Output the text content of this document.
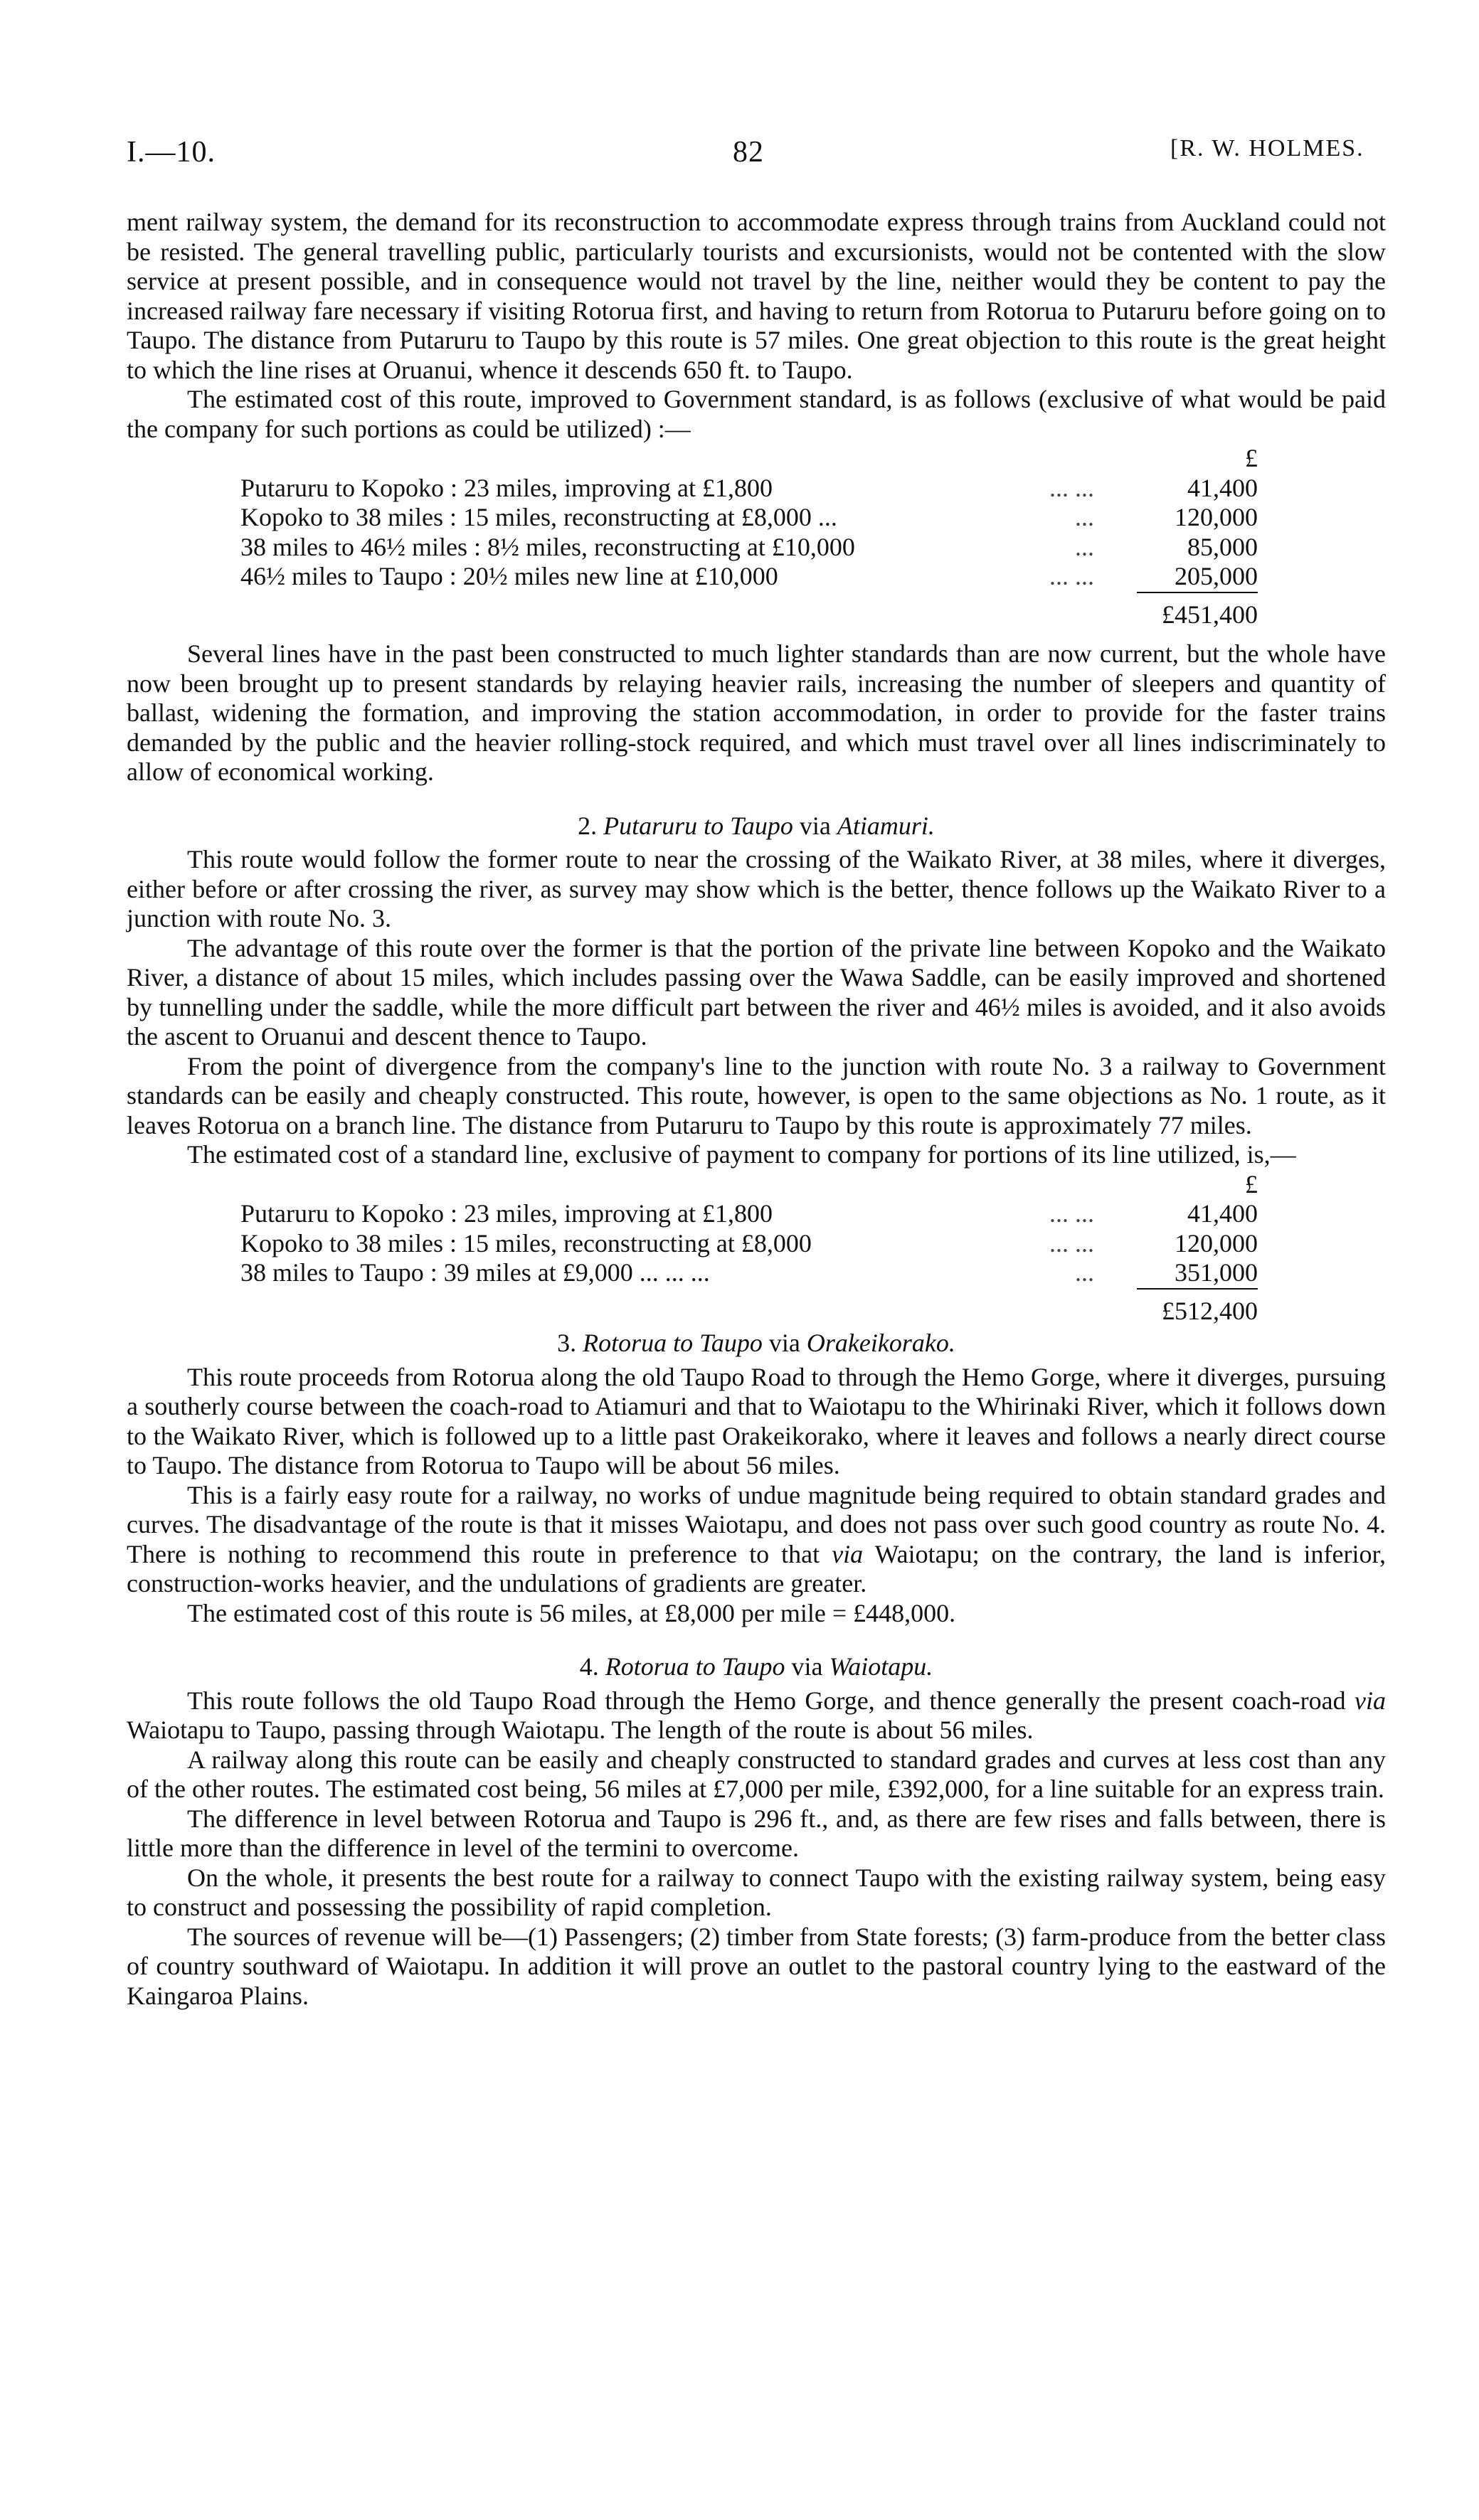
I.—10.	82	[R. W. HOLMES.

ment railway system, the demand for its reconstruction to accommodate express through trains from Auckland could not be resisted. The general travelling public, particularly tourists and excursionists, would not be contented with the slow service at present possible, and in consequence would not travel by the line, neither would they be content to pay the increased railway fare necessary if visiting Rotorua first, and having to return from Rotorua to Putaruru before going on to Taupo. The distance from Putaruru to Taupo by this route is 57 miles. One great objection to this route is the great height to which the line rises at Oruanui, whence it descends 650 ft. to Taupo.

The estimated cost of this route, improved to Government standard, is as follows (exclusive of what would be paid the company for such portions as could be utilized) :—

		£
Putaruru to Kopoko : 23 miles, improving at £1,800	... ...	41,400
Kopoko to 38 miles : 15 miles, reconstructing at £8,000 ...	...	120,000
38 miles to 46½ miles : 8½ miles, reconstructing at £10,000	...	85,000
46½ miles to Taupo : 20½ miles new line at £10,000	... ...	205,000
		£451,400

Several lines have in the past been constructed to much lighter standards than are now current, but the whole have now been brought up to present standards by relaying heavier rails, increasing the number of sleepers and quantity of ballast, widening the formation, and improving the station accommodation, in order to provide for the faster trains demanded by the public and the heavier rolling-stock required, and which must travel over all lines indiscriminately to allow of economical working.

2. Putaruru to Taupo via Atiamuri.

This route would follow the former route to near the crossing of the Waikato River, at 38 miles, where it diverges, either before or after crossing the river, as survey may show which is the better, thence follows up the Waikato River to a junction with route No. 3.

The advantage of this route over the former is that the portion of the private line between Kopoko and the Waikato River, a distance of about 15 miles, which includes passing over the Wawa Saddle, can be easily improved and shortened by tunnelling under the saddle, while the more difficult part between the river and 46½ miles is avoided, and it also avoids the ascent to Oruanui and descent thence to Taupo.

From the point of divergence from the company's line to the junction with route No. 3 a railway to Government standards can be easily and cheaply constructed. This route, however, is open to the same objections as No. 1 route, as it leaves Rotorua on a branch line. The distance from Putaruru to Taupo by this route is approximately 77 miles.

The estimated cost of a standard line, exclusive of payment to company for portions of its line utilized, is,—

		£
Putaruru to Kopoko : 23 miles, improving at £1,800	... ...	41,400
Kopoko to 38 miles : 15 miles, reconstructing at £8,000	... ...	120,000
38 miles to Taupo : 39 miles at £9,000 ... ... ...	...	351,000
		£512,400

3. Rotorua to Taupo via Orakeikorako.

This route proceeds from Rotorua along the old Taupo Road to through the Hemo Gorge, where it diverges, pursuing a southerly course between the coach-road to Atiamuri and that to Waiotapu to the Whirinaki River, which it follows down to the Waikato River, which is followed up to a little past Orakeikorako, where it leaves and follows a nearly direct course to Taupo. The distance from Rotorua to Taupo will be about 56 miles.

This is a fairly easy route for a railway, no works of undue magnitude being required to obtain standard grades and curves. The disadvantage of the route is that it misses Waiotapu, and does not pass over such good country as route No. 4. There is nothing to recommend this route in preference to that via Waiotapu; on the contrary, the land is inferior, construction-works heavier, and the undulations of gradients are greater.

The estimated cost of this route is 56 miles, at £8,000 per mile = £448,000.

4. Rotorua to Taupo via Waiotapu.

This route follows the old Taupo Road through the Hemo Gorge, and thence generally the present coach-road via Waiotapu to Taupo, passing through Waiotapu. The length of the route is about 56 miles.

A railway along this route can be easily and cheaply constructed to standard grades and curves at less cost than any of the other routes. The estimated cost being, 56 miles at £7,000 per mile, £392,000, for a line suitable for an express train.

The difference in level between Rotorua and Taupo is 296 ft., and, as there are few rises and falls between, there is little more than the difference in level of the termini to overcome.

On the whole, it presents the best route for a railway to connect Taupo with the existing railway system, being easy to construct and possessing the possibility of rapid completion.

The sources of revenue will be—(1) Passengers; (2) timber from State forests; (3) farm-produce from the better class of country southward of Waiotapu. In addition it will prove an outlet to the pastoral country lying to the eastward of the Kaingaroa Plains.
